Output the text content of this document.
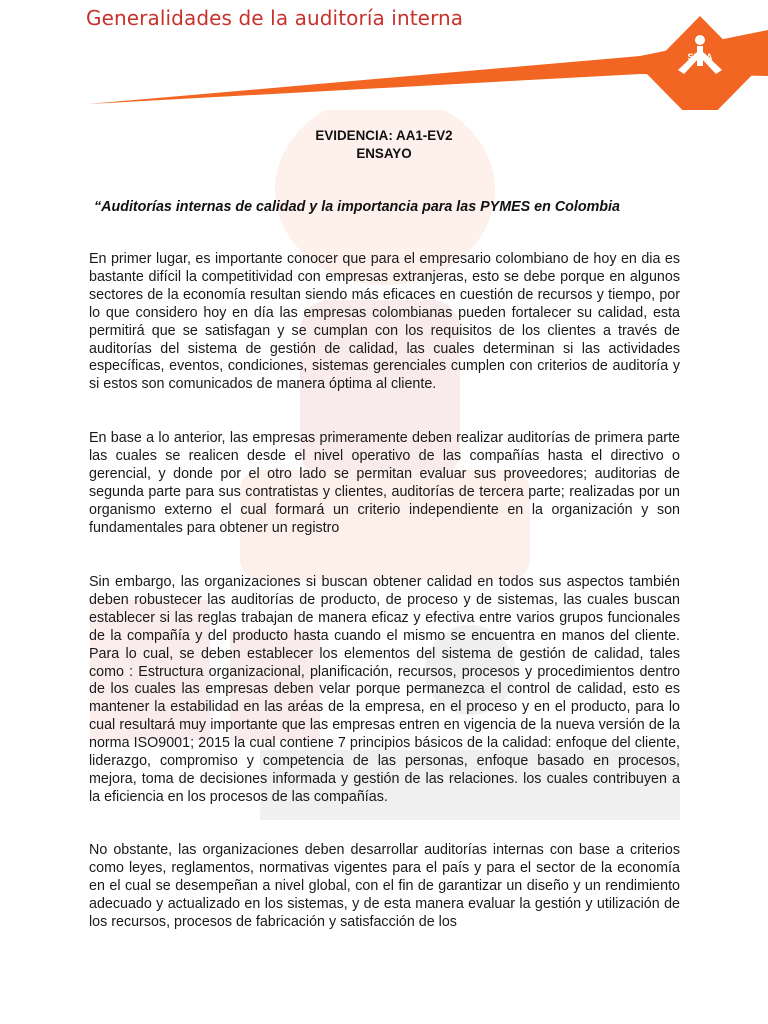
SENA
Generalidades de la auditoría interna
EVIDENCIA: AA1-EV2
ENSAYO
“Auditorías internas de calidad y la importancia para las PYMES en Colombia

En primer lugar, es importante conocer que para el empresario colombiano de hoy en dia es bastante difícil la competitividad con empresas extranjeras, esto se debe porque en algunos sectores de la economía resultan siendo más eficaces en cuestión de recursos y tiempo, por lo que considero hoy en día las empresas colombianas pueden fortalecer su calidad, esta permitirá que se satisfagan y se cumplan con los requisitos de los clientes a través de auditorías del sistema de gestión de calidad, las cuales determinan si las actividades específicas, eventos, condiciones, sistemas gerenciales cumplen con criterios de auditoría y si estos son comunicados de manera óptima al cliente.

En base a lo anterior, las empresas primeramente deben realizar auditorías de primera parte las cuales se realicen desde el nivel operativo de las compañías hasta el directivo o gerencial, y donde por el otro lado se permitan evaluar sus proveedores; auditorias de segunda parte para sus contratistas y clientes, auditorías de tercera parte; realizadas por un organismo externo el cual formará un criterio independiente en la organización y son fundamentales para obtener un registro

Sin embargo, las organizaciones si buscan obtener calidad en todos sus aspectos también deben robustecer las auditorías de producto, de proceso y de sistemas, las cuales buscan establecer si las reglas trabajan de manera eficaz y efectiva entre varios grupos funcionales de la compañía y del producto hasta cuando el mismo se encuentra en manos del cliente. Para lo cual, se deben establecer los elementos del sistema de gestión de calidad, tales como : Estructura organizacional, planificación, recursos, procesos y procedimientos dentro de los cuales las empresas deben velar porque permanezca el control de calidad, esto es mantener la estabilidad en las aréas de la empresa, en el proceso y en el producto, para lo cual resultará muy importante que las empresas entren en vigencia de la nueva versión de la norma ISO9001; 2015 la cual contiene 7 principios básicos de la calidad: enfoque del cliente, liderazgo, compromiso y competencia de las personas, enfoque basado en procesos, mejora, toma de decisiones informada y gestión de las relaciones. los cuales contribuyen a la eficiencia en los procesos de las compañías.

No obstante, las organizaciones deben desarrollar auditorías internas con base a criterios como leyes, reglamentos, normativas vigentes para el país y para el sector de la economía en el cual se desempeñan a nivel global, con el fin de garantizar un diseño y un rendimiento adecuado y actualizado en los sistemas, y de esta manera evaluar la gestión y utilización de los recursos, procesos de fabricación y satisfacción de los
